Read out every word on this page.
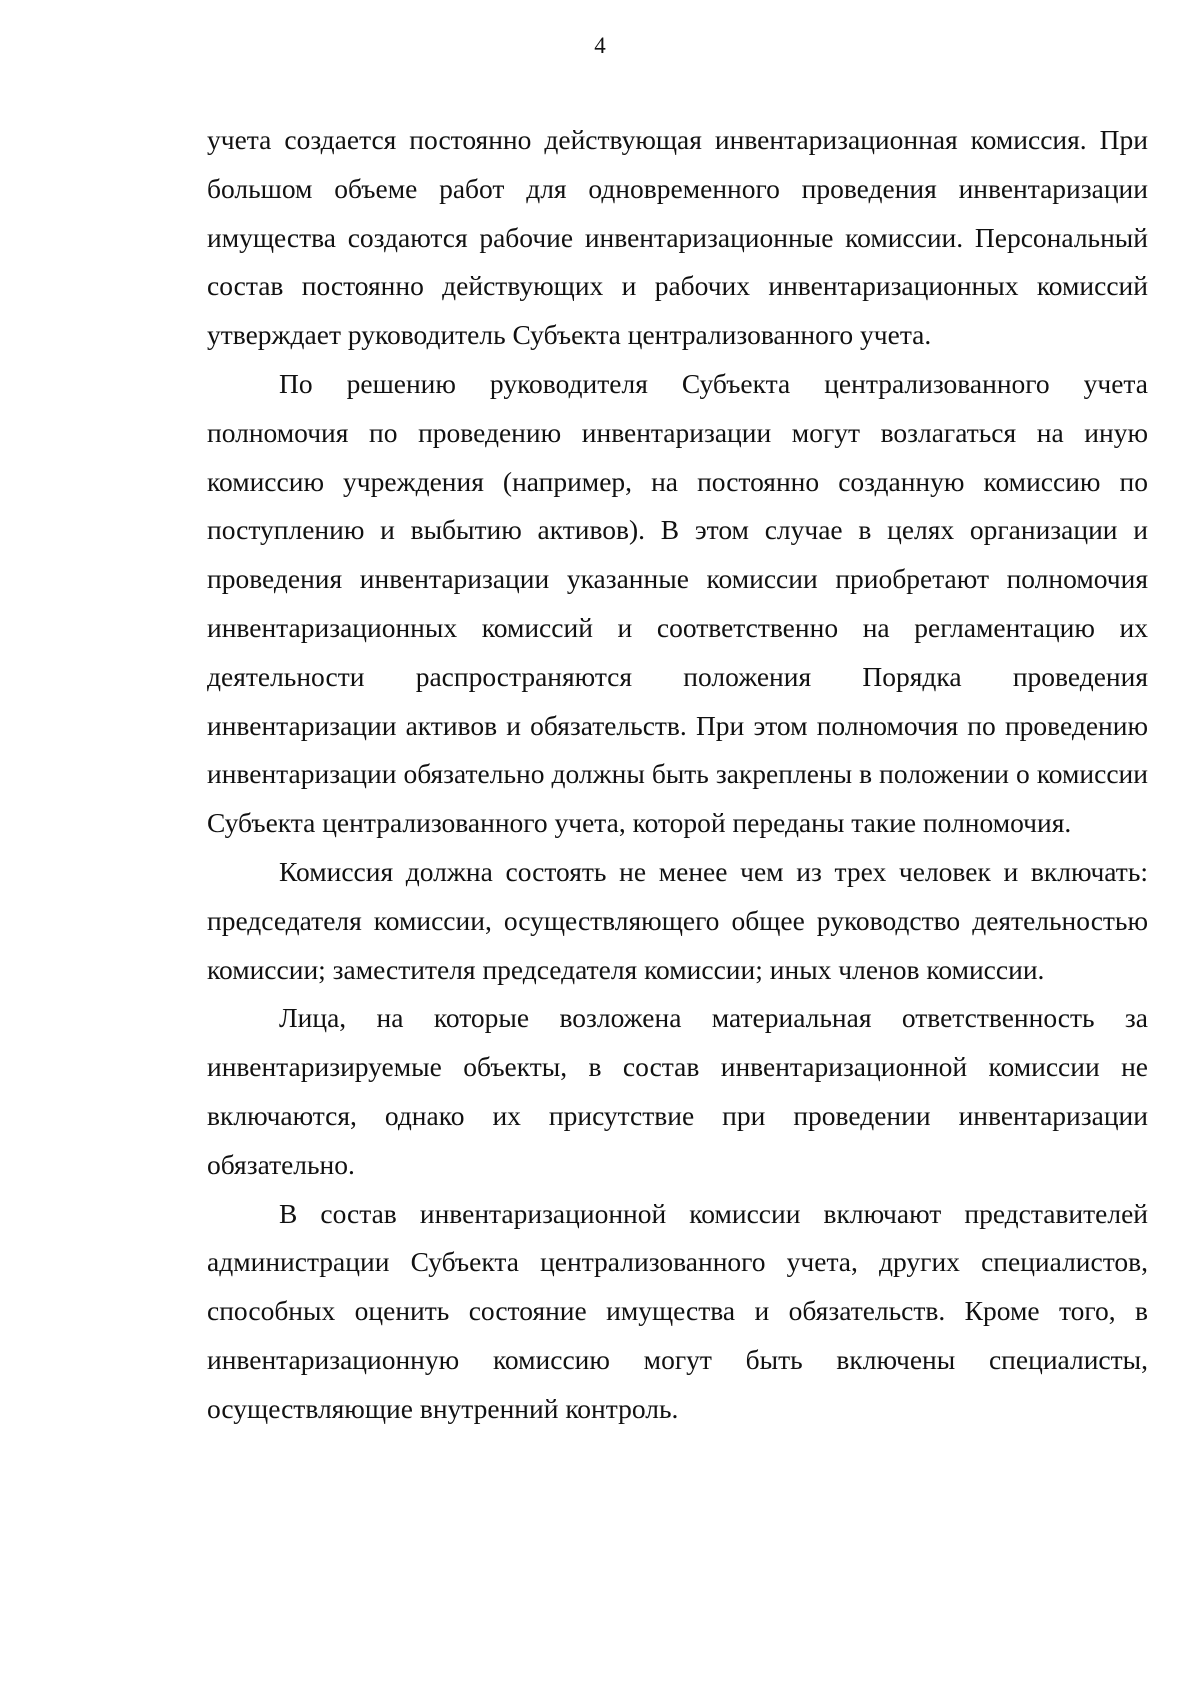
4

учета создается постоянно действующая инвентаризационная комиссия. При большом объеме работ для одновременного проведения инвентаризации имущества создаются рабочие инвентаризационные комиссии. Персональный состав постоянно действующих и рабочих инвентаризационных комиссий утверждает руководитель Субъекта централизованного учета.

По решению руководителя Субъекта централизованного учета полномочия по проведению инвентаризации могут возлагаться на иную комиссию учреждения (например, на постоянно созданную комиссию по поступлению и выбытию активов). В этом случае в целях организации и проведения инвентаризации указанные комиссии приобретают полномочия инвентаризационных комиссий и соответственно на регламентацию их деятельности распространяются положения Порядка проведения инвентаризации активов и обязательств. При этом полномочия по проведению инвентаризации обязательно должны быть закреплены в положении о комиссии Субъекта централизованного учета, которой переданы такие полномочия.

Комиссия должна состоять не менее чем из трех человек и включать: председателя комиссии, осуществляющего общее руководство деятельностью комиссии; заместителя председателя комиссии; иных членов комиссии.

Лица, на которые возложена материальная ответственность за инвентаризируемые объекты, в состав инвентаризационной комиссии не включаются, однако их присутствие при проведении инвентаризации обязательно.

В состав инвентаризационной комиссии включают представителей администрации Субъекта централизованного учета, других специалистов, способных оценить состояние имущества и обязательств. Кроме того, в инвентаризационную комиссию могут быть включены специалисты, осуществляющие внутренний контроль.
